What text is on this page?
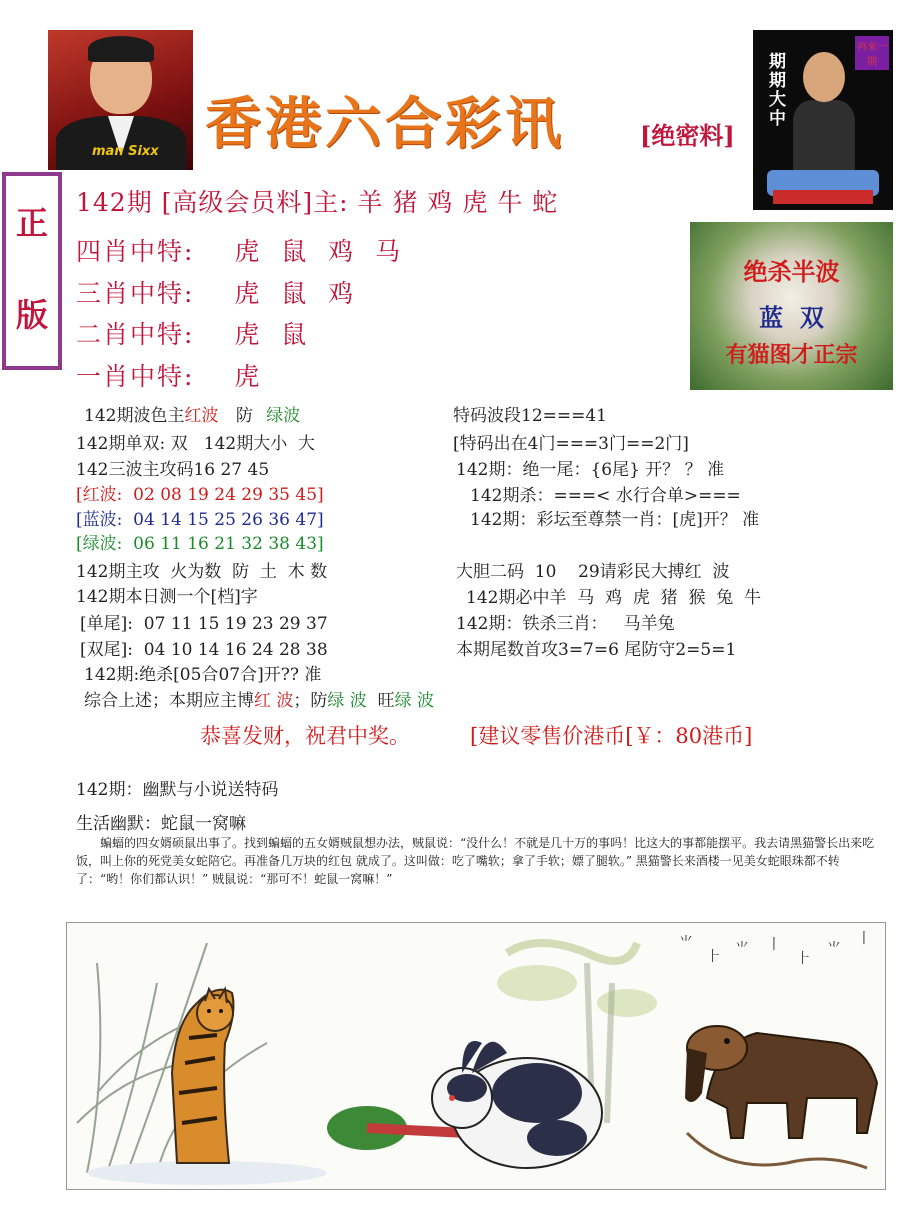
man Sixx 香港六合彩讯	[绝密料]
再來一期
期期大中
正
版
142期 [高级会员料]主: 羊 猪 鸡 虎 牛 蛇
四肖中特: 虎  鼠  鸡  马
三肖中特: 虎  鼠  鸡
二肖中特: 虎  鼠
一肖中特: 虎
绝杀半波
蓝  双
有猫图才正宗
142期波色主红波 防 绿波
142期单双: 双   142期大小  大
142三波主攻码16 27 45
[红波:  02 08 19 24 29 35 45]
[蓝波:  04 14 15 25 26 36 47]
[绿波:  06 11 16 21 32 38 43]
142期主攻  火为数  防  土  木 数
142期本日测一个[档]字
[单尾]:  07 11 15 19 23 29 37
[双尾]:  04 10 14 16 24 28 38
142期:绝杀[05合07合]开?? 准
综合上述；本期应主博红 波；防绿 波  旺绿 波
特码波段12===41
[特码出在4门===3门==2门]
142期：绝一尾：{6尾} 开？ ？ 准
142期杀：===< 水行合单>===
142期：彩坛至尊禁一肖：[虎]开？ 准
大胆二码  10    29请彩民大搏红  波
142期必中羊  马  鸡  虎  猪  猴  兔  牛
142期：铁杀三肖：   马羊兔
本期尾数首攻3=7=6 尾防守2=5=1
恭喜发财，祝君中奖。	[建议零售价港币[￥：80港币]
142期：幽默与小说送特码
生活幽默：蛇鼠一窝嘛
蝙蝠的四女婿硕鼠出事了。找到蝙蝠的五女婿贼鼠想办法，贼鼠说：“没什么！不就是几十万的事吗！比这大的事都能摆平。我去请黑猫警长出来吃饭，叫上你的死党美女蛇陪它。再准备几万块的红包 就成了。这叫做：吃了嘴软；拿了手软；嫖了腿软。” 黑猫警长来酒楼一见美女蛇眼珠都不转了：“哟！你们都认识！” 贼鼠说：“那可不！蛇鼠一窝嘛！”
⺌
⺊ ⺌ ⼁
⺊
⺌
⼁
